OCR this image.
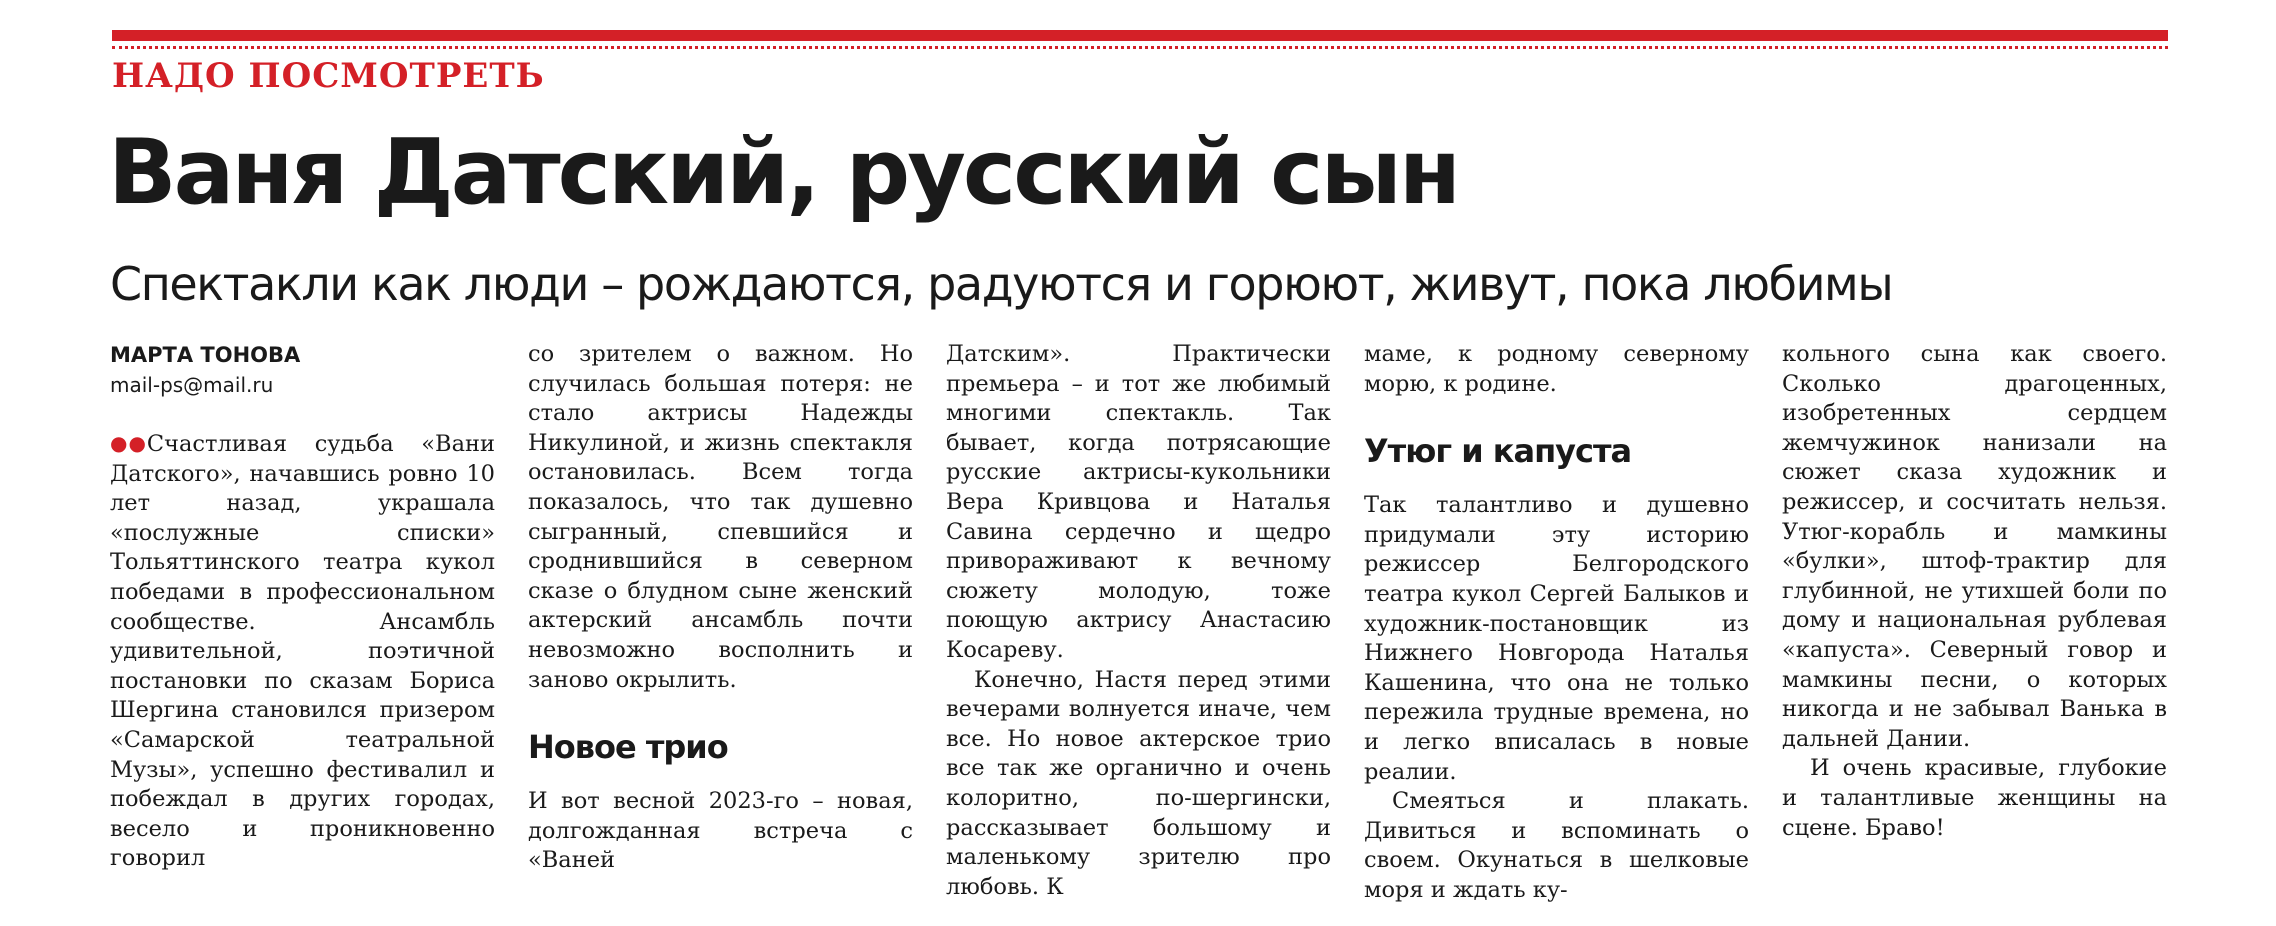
НАДО ПОСМОТРЕТЬ
Ваня Датский, русский сын
Спектакли как люди – рождаются, радуются и горюют, живут, пока любимы

МАРТА ТОНОВА

mail-ps@mail.ru

●●Счастливая судьба «Вани Датского», начавшись ровно 10 лет назад, украшала «послужные списки» Тольяттинского театра кукол победами в профессиональном сообществе. Ансамбль удивительной, поэтичной постановки по сказам Бориса Шергина становился призером «Самарской театральной Музы», успешно фестивалил и побеждал в других городах, весело и проникновенно говорил

со зрителем о важном. Но случилась большая потеря: не стало актрисы Надежды Никулиной, и жизнь спектакля остановилась. Всем тогда показалось, что так душевно сыгранный, спевшийся и сроднившийся в северном сказе о блудном сыне женский актерский ансамбль почти невозможно восполнить и заново окрылить.

Новое трио

И вот весной 2023-го – новая, долгожданная встреча с «Ваней

Датским». Практически премьера – и тот же любимый многими спектакль. Так бывает, когда потрясающие русские актрисы-кукольники Вера Кривцова и Наталья Савина сердечно и щедро привораживают к вечному сюжету молодую, тоже поющую актрису Анастасию Косареву.

Конечно, Настя перед этими вечерами волнуется иначе, чем все. Но новое актерское трио все так же органично и очень колоритно, по-шергински, рассказывает большому и маленькому зрителю про любовь. К

маме, к родному северному морю, к родине.

Утюг и капуста

Так талантливо и душевно придумали эту историю режиссер Белгородского театра кукол Сергей Балыков и художник-постановщик из Нижнего Новгорода Наталья Кашенина, что она не только пережила трудные времена, но и легко вписалась в новые реалии.

Смеяться и плакать. Дивиться и вспоминать о своем. Окунаться в шелковые моря и ждать ку-

кольного сына как своего. Сколько драгоценных, изобретенных сердцем жемчужинок нанизали на сюжет сказа художник и режиссер, и сосчитать нельзя. Утюг-корабль и мамкины «булки», штоф-трактир для глубинной, не утихшей боли по дому и национальная рублевая «капуста». Северный говор и мамкины песни, о которых никогда и не забывал Ванька в дальней Дании.

И очень красивые, глубокие и талантливые женщины на сцене. Браво!
